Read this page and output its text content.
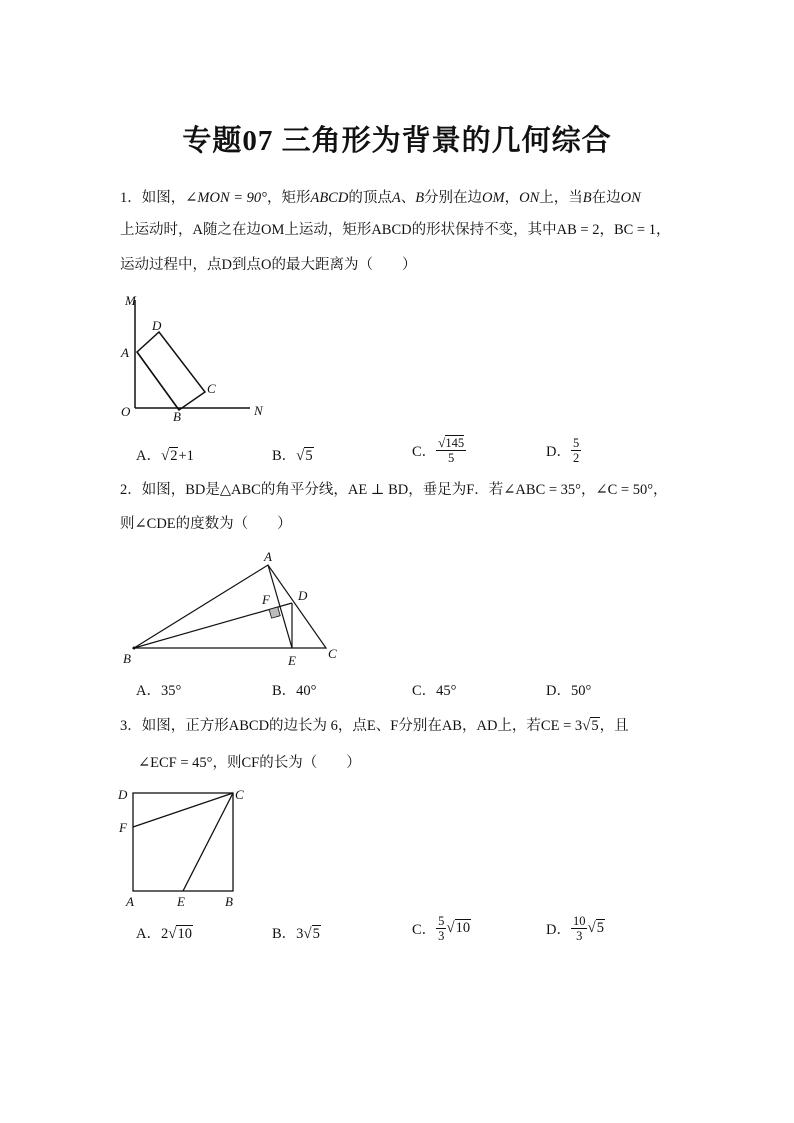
专题07 三角形为背景的几何综合
1．如图，∠MON = 90°，矩形ABCD的顶点A、B分别在边OM，ON上，当B在边ON
上运动时，A随之在边OM上运动，矩形ABCD的形状保持不变，其中AB = 2，BC = 1，
运动过程中，点D到点O的最大距离为（　　）
M
D
A
C
O	B	N
A．√2+1	B．√5	C． $\frac{√145}{5}$	D． $\frac{5}{2}$
2．如图，BD是△ABC的角平分线，AE ⊥ BD，垂足为F．若∠ABC = 35°，∠C = 50°，
则∠CDE的度数为（　　）
A
F D
B	E C
A．35°	B．40°	C．45°	D．50°
3．如图，正方形ABCD的边长为 6，点E、F分别在AB，AD上，若CE = 3√5，且
∠ECF = 45°，则CF的长为（　　）
D	C
F
A	E	B
A．2√10	B．3√5	C． $\frac{5}{3} √10$	D． $\frac{10}{3} √5$
